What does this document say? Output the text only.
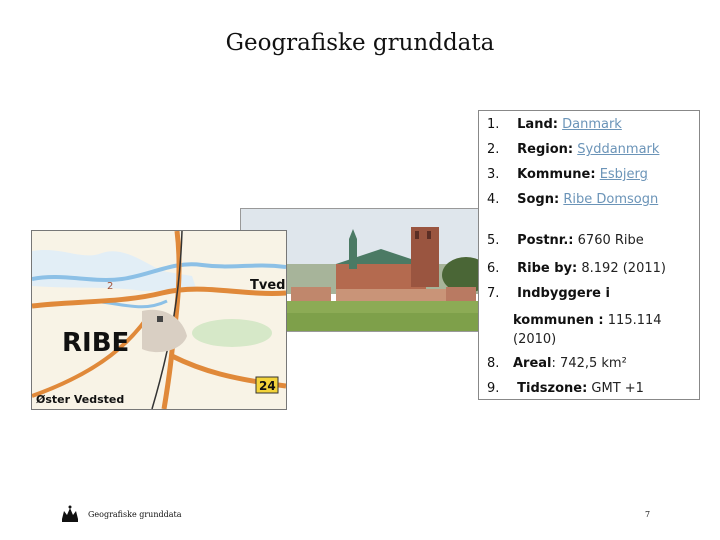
Geografiske grunddata
RIBE
Tved
Øster Vedsted
2
24
1. Land: Danmark
2. Region: Syddanmark
3. Kommune: Esbjerg
4. Sogn: Ribe Domsogn
5. Postnr.: 6760 Ribe
6. Ribe by: 8.192 (2011)
7. Indbyggere i
kommunen : 115.114
(2010)
8. Areal: 742,5 km²
9. Tidszone: GMT +1
Geografiske grunddata	7
